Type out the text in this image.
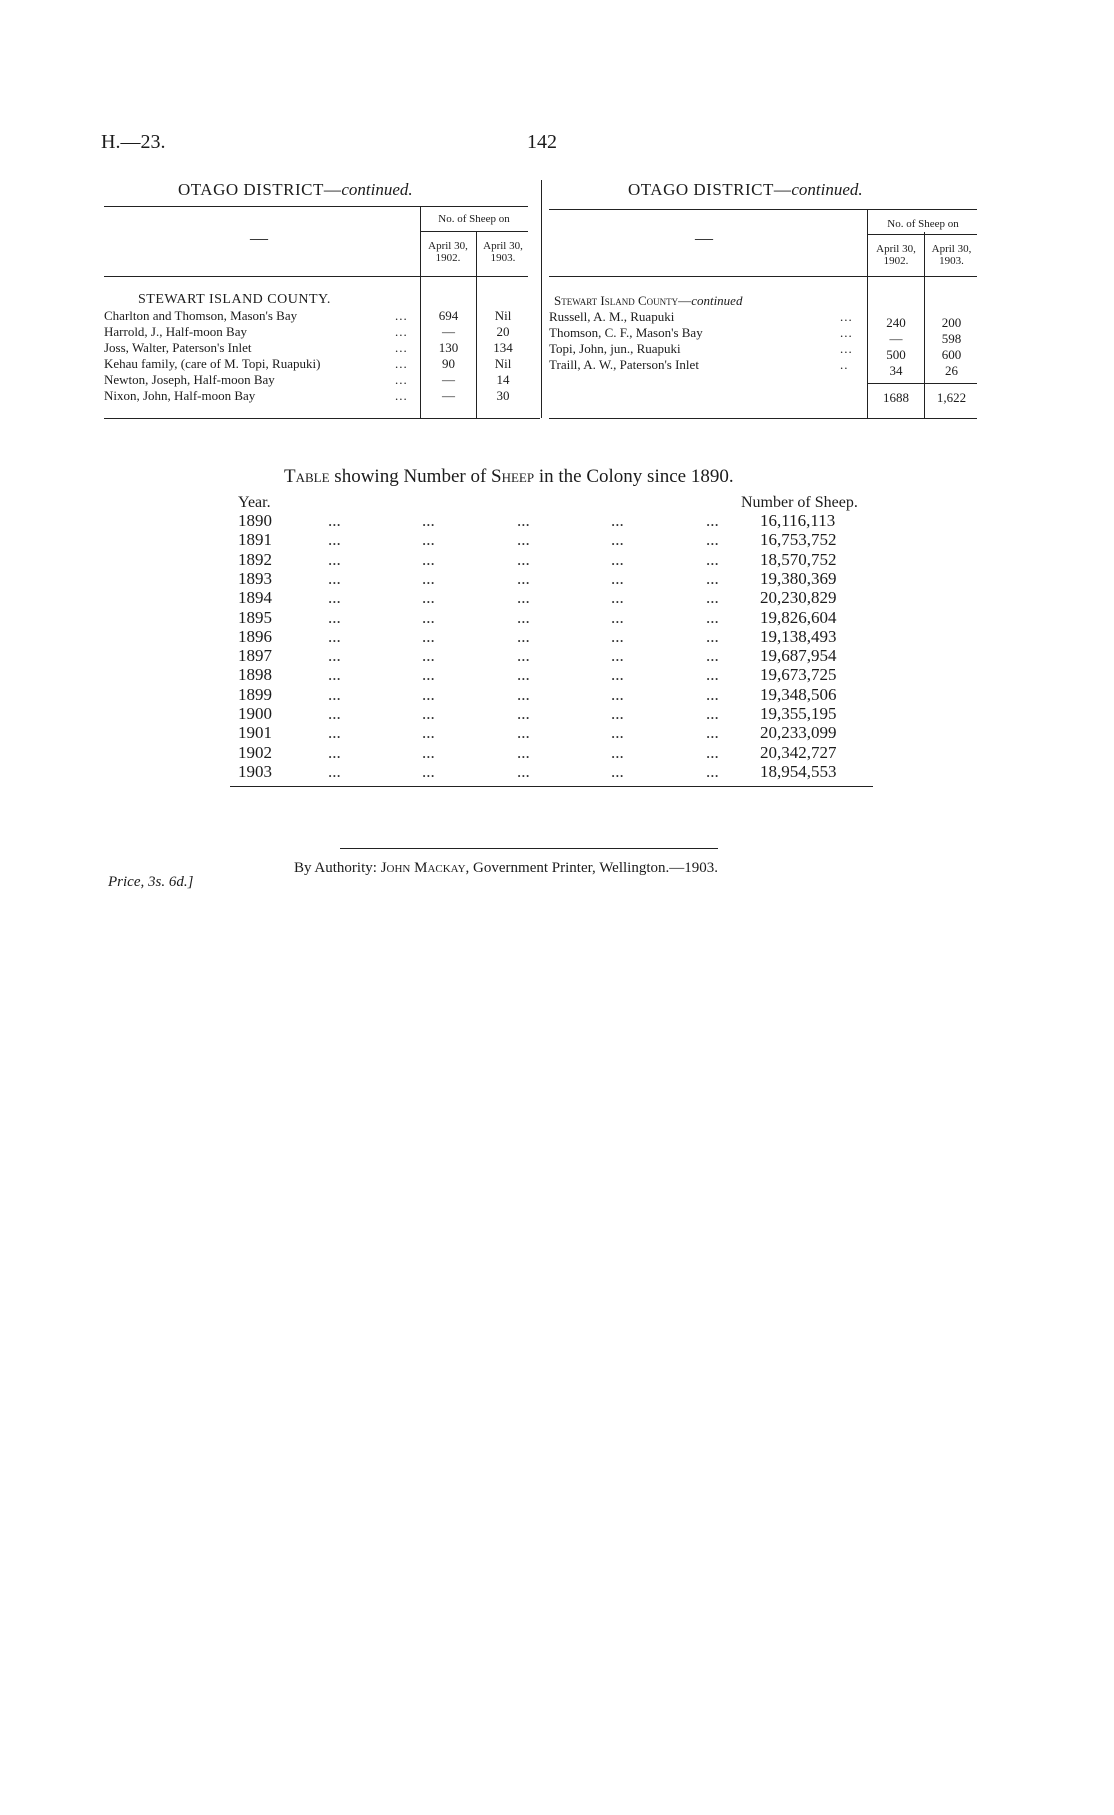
H.—23.	142
OTAGO DISTRICT—continued.
No. of Sheep on
—	April 30, 1902.
April 30, 1903.
STEWART ISLAND COUNTY.
Charlton and Thomson, Mason's Bay	...	694	Nil
Harrold, J., Half-moon Bay	...	—	20
Joss, Walter, Paterson's Inlet	...	130	134
Kehau family, (care of M. Topi, Ruapuki)	...	90	Nil
Newton, Joseph, Half-moon Bay	...	—	14
Nixon, John, Half-moon Bay	...	—	30
OTAGO DISTRICT—continued.
No. of Sheep on
—
April 30, 1902.
April 30, 1903.
Stewart Island County—continued
Russell, A. M., Ruapuki	...	240	200
Thomson, C. F., Mason's Bay	...	—	598
Topi, John, jun., Ruapuki	...	500	600
Traill, A. W., Paterson's Inlet	..	34	26
1688	1,622
Table showing Number of Sheep in the Colony since 1890.
Year.	Number of Sheep.
1890	...	...	...	...	... 16,116,113
1891	...	...	...	...	... 16,753,752
1892	...	...	...	...	... 18,570,752
1893	...	...	...	...	... 19,380,369
1894	...	...	...	...	... 20,230,829
1895	...	...	...	...	... 19,826,604
1896	...	...	...	...	... 19,138,493
1897	...	...	...	...	... 19,687,954
1898	...	...	...	...	... 19,673,725
1899	...	...	...	...	... 19,348,506
1900	...	...	...	...	... 19,355,195
1901	...	...	...	...	... 20,233,099
1902	...	...	...	...	... 20,342,727
1903	...	...	...	...	... 18,954,553
By Authority: John Mackay, Government Printer, Wellington.—1903.
Price, 3s. 6d.]
